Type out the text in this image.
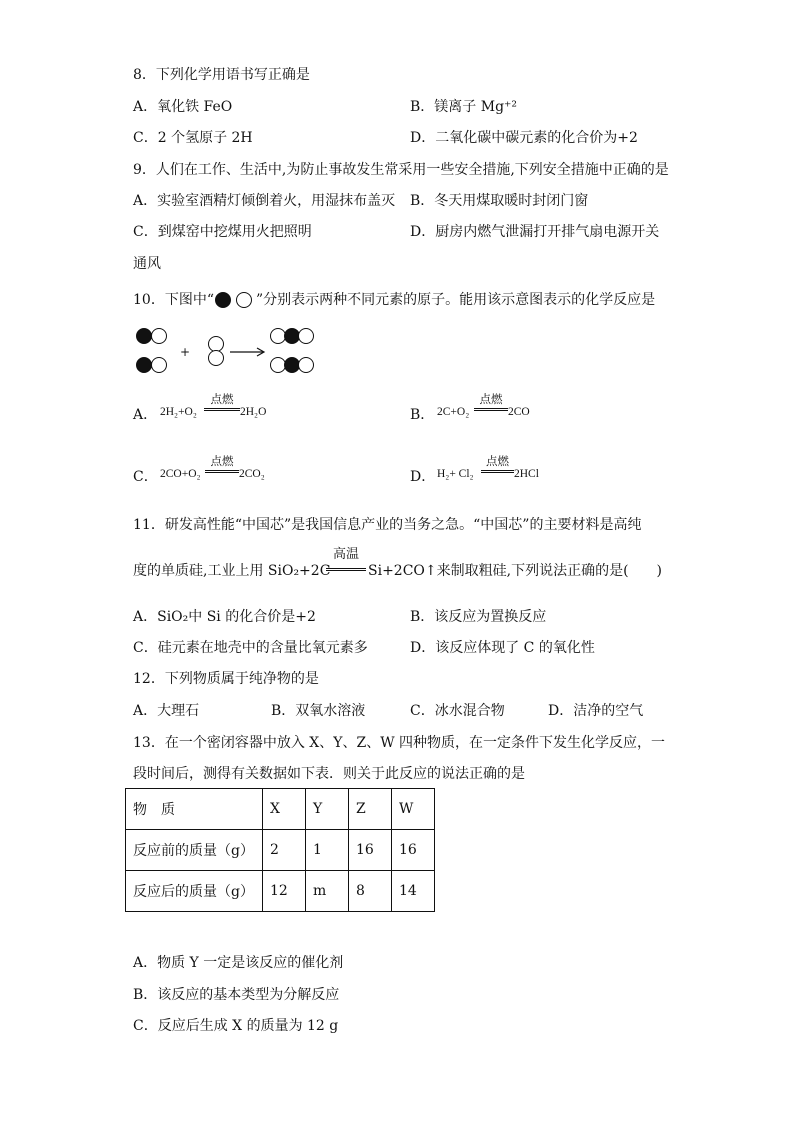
8．下列化学用语书写正确是
A．氧化铁 FeO	B．镁离子 Mg⁺²
C．2 个氢原子 2H	D．二氧化碳中碳元素的化合价为+2
9．人们在工作、生活中,为防止事故发生常采用一些安全措施,下列安全措施中正确的是
A．实验室酒精灯倾倒着火，用湿抹布盖灭 B．冬天用煤取暖时封闭门窗
C．到煤窑中挖煤用火把照明	D．厨房内燃气泄漏打开排气扇电源开关
通风
10．下图中“	”分别表示两种不同元素的原子。能用该示意图表示的化学反应是
+
A． 2H₂+O₂
点燃
2H₂O	B． 2C+O₂
点燃
2CO
C． 2CO+O₂
点燃
2CO₂	D． H₂+ Cl₂
点燃
2HCl
11．研发高性能“中国芯”是我国信息产业的当务之急。“中国芯”的主要材料是高纯
度的单质硅,工业上用 SiO₂+2C
高温
Si+2CO↑来制取粗硅,下列说法正确的是(　　)
A．SiO₂中 Si 的化合价是+2	B．该反应为置换反应
C．硅元素在地壳中的含量比氧元素多	D．该反应体现了 C 的氧化性
12．下列物质属于纯净物的是
A．大理石	B．双氧水溶液	C．冰水混合物	D．洁净的空气
13．在一个密闭容器中放入 X、Y、Z、W 四种物质，在一定条件下发生化学反应，一
段时间后，测得有关数据如下表．则关于此反应的说法正确的是
物　质	X	Y	Z	W
反应前的质量（g）	2	1	16	16
反应后的质量（g）	12	m	8	14
A．物质 Y 一定是该反应的催化剂
B．该反应的基本类型为分解反应
C．反应后生成 X 的质量为 12 g
